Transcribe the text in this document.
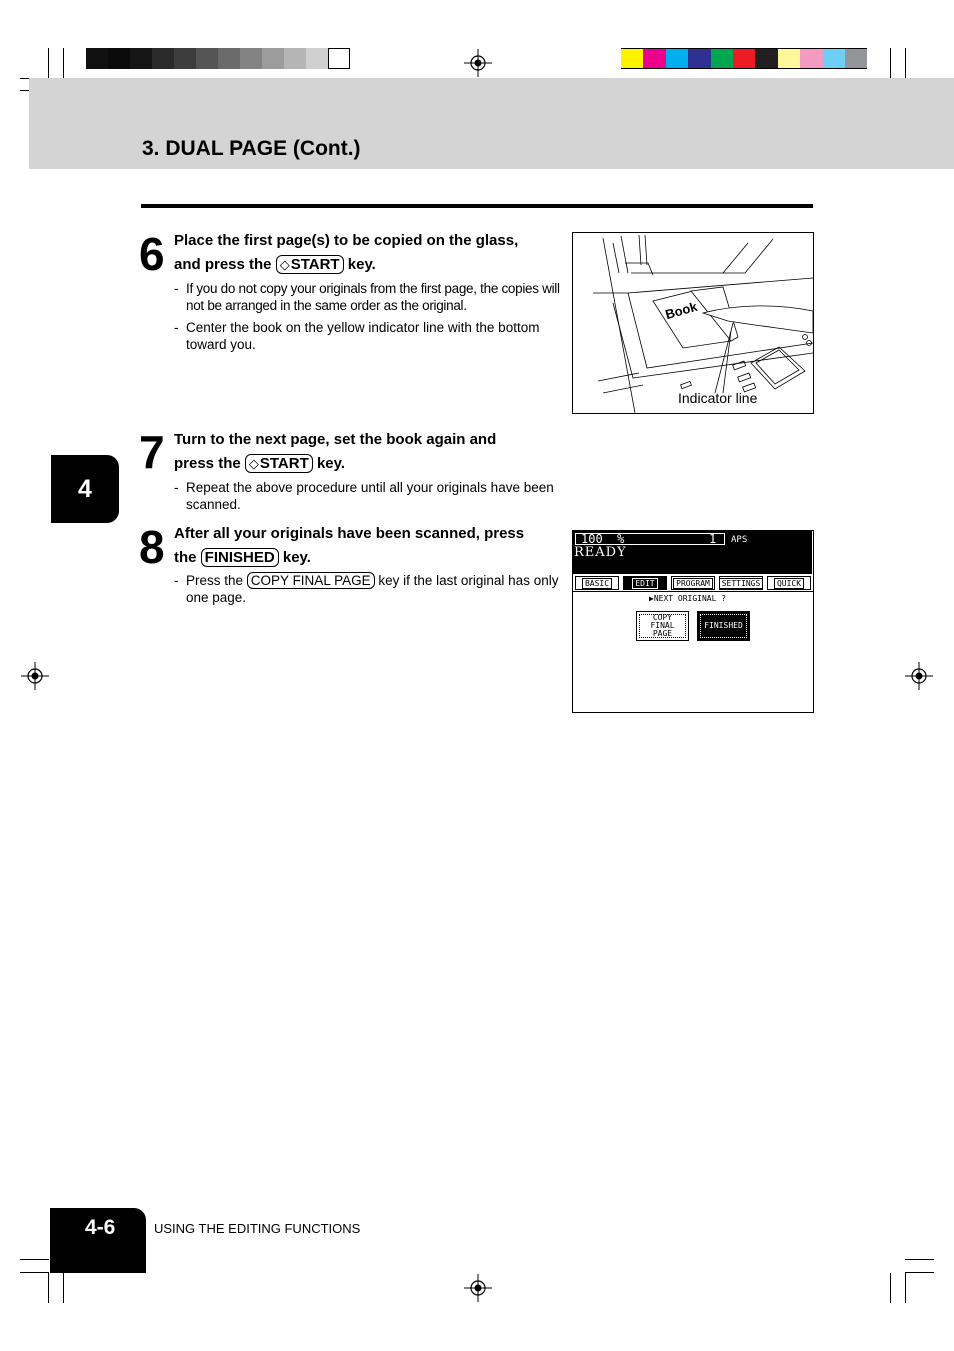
3. DUAL PAGE (Cont.)
6 Place the first page(s) to be copied on the glass,
and press the ◇START key.
- If you do not copy your originals from the first page, the copies will not be arranged in the same order as the original.
- Center the book on the yellow indicator line with the bottom toward you.
Book
Indicator line
7 Turn to the next page, set the book again and
press the ◇START key.
- Repeat the above procedure until all your originals have been scanned.
8 After all your originals have been scanned, press
the FINISHED key.
- Press the COPY FINAL PAGE key if the last original has only one page.
100  %	1 APS
READY
BASIC	EDIT	PROGRAM	SETTINGS	QUICK
▶NEXT ORIGINAL ?
COPY
FINAL
PAGE
FINISHED
4
4-6	USING THE EDITING FUNCTIONS
